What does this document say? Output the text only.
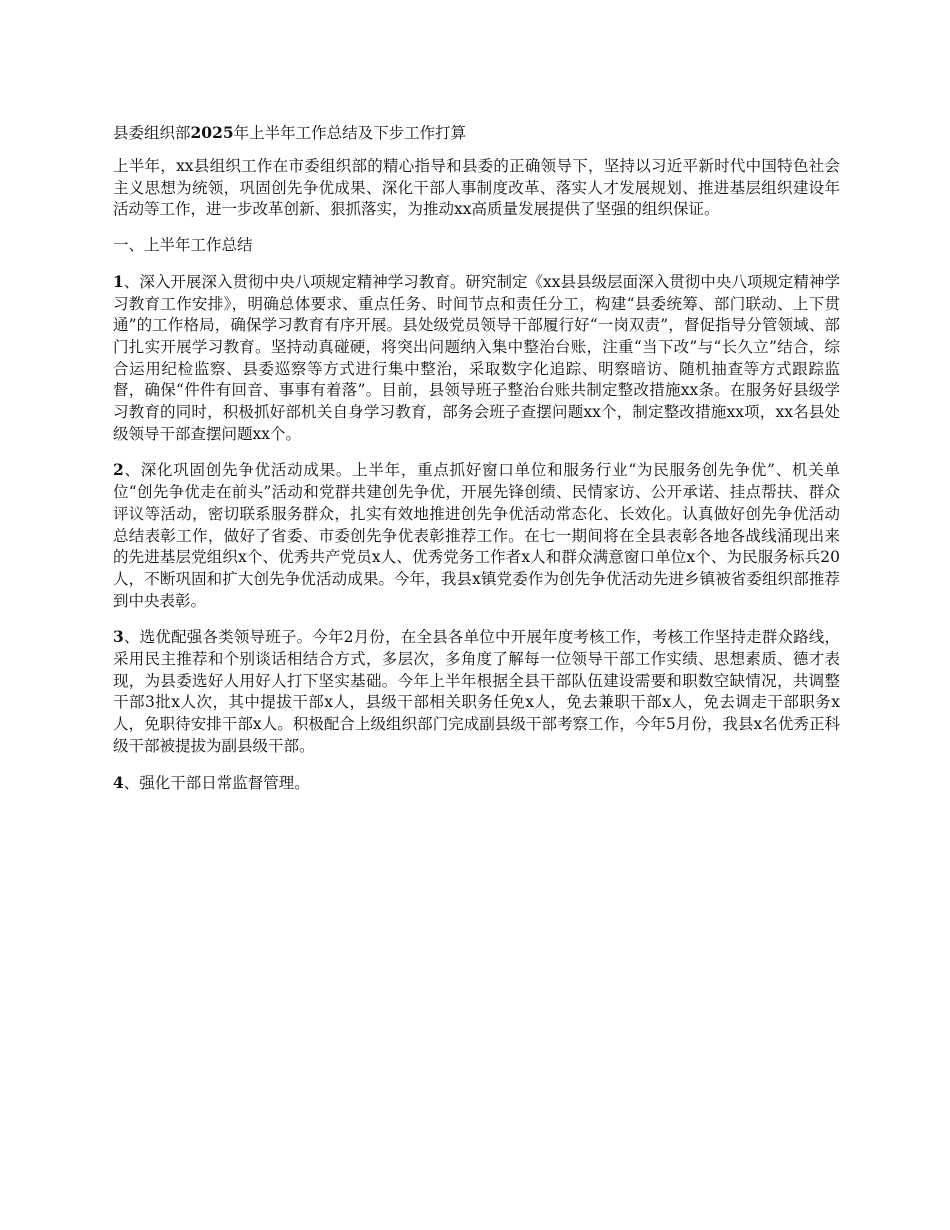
县委组织部2025年上半年工作总结及下步工作打算

上半年，xx县组织工作在市委组织部的精心指导和县委的正确领导下，坚持以习近平新时代中国特色社会主义思想为统领，巩固创先争优成果、深化干部人事制度改革、落实人才发展规划、推进基层组织建设年活动等工作，进一步改革创新、狠抓落实，为推动xx高质量发展提供了坚强的组织保证。

一、上半年工作总结

1、深入开展深入贯彻中央八项规定精神学习教育。研究制定《xx县县级层面深入贯彻中央八项规定精神学习教育工作安排》，明确总体要求、重点任务、时间节点和责任分工，构建“县委统筹、部门联动、上下贯通”的工作格局，确保学习教育有序开展。县处级党员领导干部履行好“一岗双责”，督促指导分管领域、部门扎实开展学习教育。坚持动真碰硬，将突出问题纳入集中整治台账，注重“当下改”与“长久立”结合，综合运用纪检监察、县委巡察等方式进行集中整治，采取数字化追踪、明察暗访、随机抽查等方式跟踪监督，确保“件件有回音、事事有着落”。目前，县领导班子整治台账共制定整改措施xx条。在服务好县级学习教育的同时，积极抓好部机关自身学习教育，部务会班子查摆问题xx个，制定整改措施xx项，xx名县处级领导干部查摆问题xx个。

2、深化巩固创先争优活动成果。上半年，重点抓好窗口单位和服务行业“为民服务创先争优”、机关单位“创先争优走在前头”活动和党群共建创先争优，开展先锋创绩、民情家访、公开承诺、挂点帮扶、群众评议等活动，密切联系服务群众，扎实有效地推进创先争优活动常态化、长效化。认真做好创先争优活动总结表彰工作，做好了省委、市委创先争优表彰推荐工作。在七一期间将在全县表彰各地各战线涌现出来的先进基层党组织x个、优秀共产党员x人、优秀党务工作者x人和群众满意窗口单位x个、为民服务标兵20人，不断巩固和扩大创先争优活动成果。今年，我县x镇党委作为创先争优活动先进乡镇被省委组织部推荐到中央表彰。

3、选优配强各类领导班子。今年2月份，在全县各单位中开展年度考核工作，考核工作坚持走群众路线，采用民主推荐和个别谈话相结合方式，多层次，多角度了解每一位领导干部工作实绩、思想素质、德才表现，为县委选好人用好人打下坚实基础。今年上半年根据全县干部队伍建设需要和职数空缺情况，共调整干部3批x人次，其中提拔干部x人，县级干部相关职务任免x人，免去兼职干部x人，免去调走干部职务x人，免职待安排干部x人。积极配合上级组织部门完成副县级干部考察工作，今年5月份，我县x名优秀正科级干部被提拔为副县级干部。

4、强化干部日常监督管理。
